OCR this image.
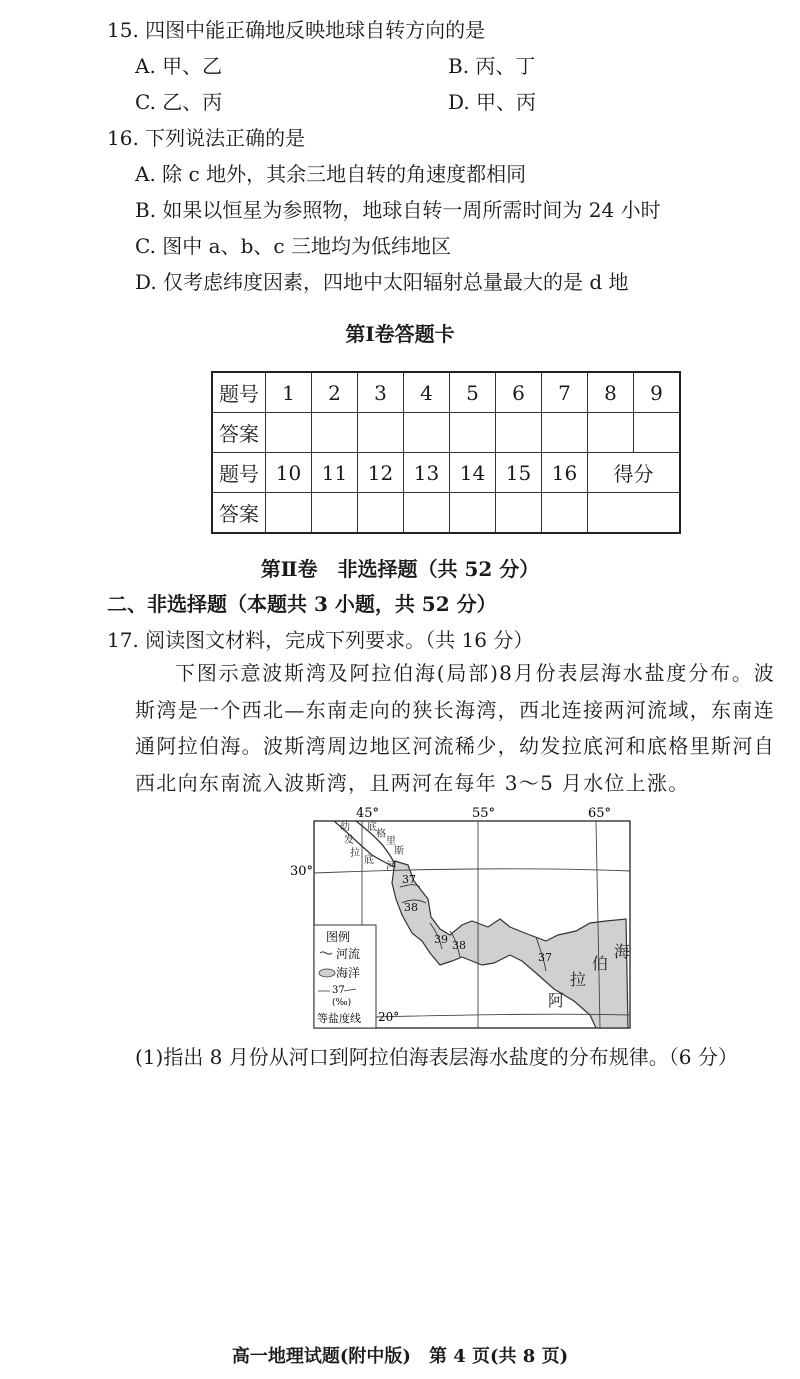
15. 四图中能正确地反映地球自转方向的是
A. 甲、乙	B. 丙、丁
C. 乙、丙	D. 甲、丙
16. 下列说法正确的是
A. 除 c 地外，其余三地自转的角速度都相同
B. 如果以恒星为参照物，地球自转一周所需时间为 24 小时
C. 图中 a、b、c 三地均为低纬地区
D. 仅考虑纬度因素，四地中太阳辐射总量最大的是 d 地
第Ⅰ卷答题卡
题号	1	2	3	4	5	6	7	8	9
答案									
题号	10	11	12	13	14	15	16	得分	
答案									
第Ⅱ卷　非选择题（共 52 分）
二、非选择题（本题共 3 小题，共 52 分）
17. 阅读图文材料，完成下列要求。（共 16 分）
下图示意波斯湾及阿拉伯海(局部)8月份表层海水盐度分布。波斯湾是一个西北—东南走向的狭长海湾，西北连接两河流域，东南连通阿拉伯海。波斯湾周边地区河流稀少，幼发拉底河和底格里斯河自西北向东南流入波斯湾，且两河在每年 3～5 月水位上涨。
45°	55°	65°
30°
幼
发
拉
底
底
格
里
斯
河
37
38
39 38
37
阿
拉
伯
海
图例
河流
海洋
37
(‰)
等盐度线 20°
(1)指出 8 月份从河口到阿拉伯海表层海水盐度的分布规律。（6 分）
高一地理试题(附中版)　第 4 页(共 8 页)
